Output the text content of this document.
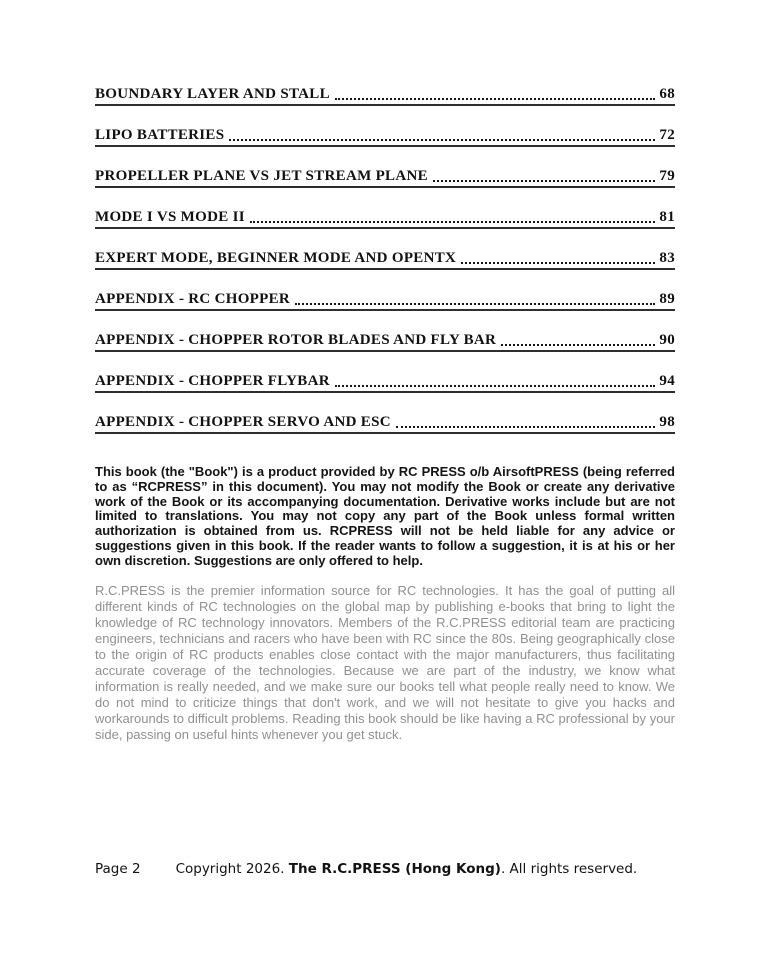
BOUNDARY LAYER AND STALL	68
LIPO BATTERIES	72
PROPELLER PLANE VS JET STREAM PLANE	79
MODE I VS MODE II	81
EXPERT MODE, BEGINNER MODE AND OPENTX	83
APPENDIX - RC CHOPPER	89
APPENDIX - CHOPPER ROTOR BLADES AND FLY BAR	90
APPENDIX - CHOPPER FLYBAR	94
APPENDIX - CHOPPER SERVO AND ESC	98

This book (the "Book") is a product provided by RC PRESS o/b AirsoftPRESS (being referred to as “RCPRESS” in this document). You may not modify the Book or create any derivative work of the Book or its accompanying documentation. Derivative works include but are not limited to translations. You may not copy any part of the Book unless formal written authorization is obtained from us. RCPRESS will not be held liable for any advice or suggestions given in this book. If the reader wants to follow a suggestion, it is at his or her own discretion. Suggestions are only offered to help.

R.C.PRESS is the premier information source for RC technologies. It has the goal of putting all different kinds of RC technologies on the global map by publishing e-books that bring to light the knowledge of RC technology innovators. Members of the R.C.PRESS editorial team are practicing engineers, technicians and racers who have been with RC since the 80s. Being geographically close to the origin of RC products enables close contact with the major manufacturers, thus facilitating accurate coverage of the technologies. Because we are part of the industry, we know what information is really needed, and we make sure our books tell what people really need to know. We do not mind to criticize things that don't work, and we will not hesitate to give you hacks and workarounds to difficult problems. Reading this book should be like having a RC professional by your side, passing on useful hints whenever you get stuck.

Page 2	Copyright 2026.
The R.C.PRESS (Hong Kong) . All rights reserved.
